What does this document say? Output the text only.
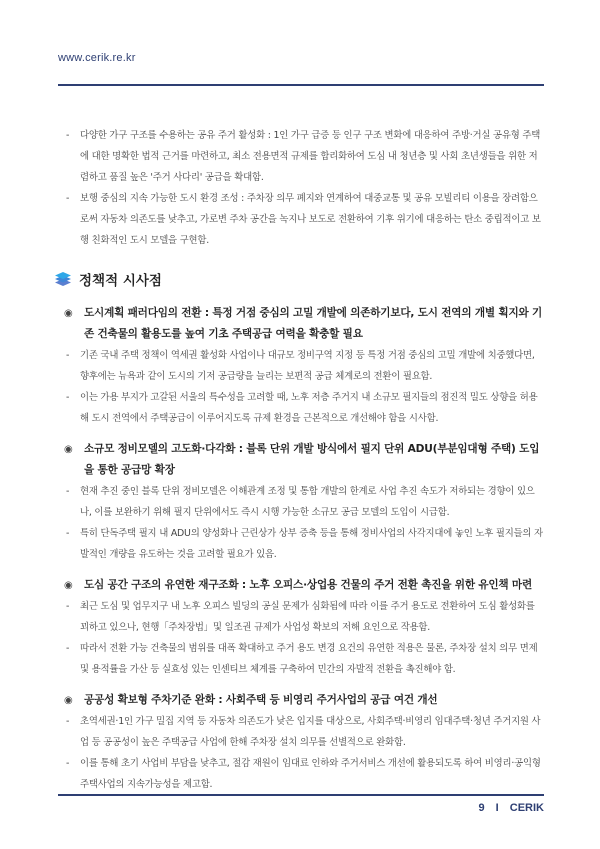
www.cerik.re.kr
- 다양한 가구 구조를 수용하는 공유 주거 활성화 : 1인 가구 급증 등 인구 구조 변화에 대응하여 주방·거실 공유형 주택에 대한 명확한 법적 근거를 마련하고, 최소 전용면적 규제를 합리화하여 도심 내 청년층 및 사회 초년생들을 위한 저렴하고 품질 높은 '주거 사다리' 공급을 확대함.
- 보행 중심의 지속 가능한 도시 환경 조성 : 주차장 의무 폐지와 연계하여 대중교통 및 공유 모빌리티 이용을 장려함으로써 자동차 의존도를 낮추고, 가로변 주차 공간을 녹지나 보도로 전환하여 기후 위기에 대응하는 탄소 중립적이고 보행 친화적인 도시 모델을 구현함.
정책적 시사점
◉ 도시계획 패러다임의 전환 : 특정 거점 중심의 고밀 개발에 의존하기보다, 도시 전역의 개별 획지와 기존 건축물의 활용도를 높여 기초 주택공급 여력을 확충할 필요
- 기존 국내 주택 정책이 역세권 활성화 사업이나 대규모 정비구역 지정 등 특정 거점 중심의 고밀 개발에 치중했다면, 향후에는 뉴욕과 같이 도시의 기저 공급량을 늘리는 보편적 공급 체계로의 전환이 필요함.
- 이는 가용 부지가 고갈된 서울의 특수성을 고려할 때, 노후 저층 주거지 내 소규모 필지들의 점진적 밀도 상향을 허용해 도시 전역에서 주택공급이 이루어지도록 규제 환경을 근본적으로 개선해야 함을 시사함.
◉ 소규모 정비모델의 고도화·다각화 : 블록 단위 개발 방식에서 필지 단위 ADU(부분임대형 주택) 도입을 통한 공급망 확장
- 현재 추진 중인 블록 단위 정비모델은 이해관계 조정 및 통합 개발의 한계로 사업 추진 속도가 저하되는 경향이 있으나, 이를 보완하기 위해 필지 단위에서도 즉시 시행 가능한 소규모 공급 모델의 도입이 시급함.
- 특히 단독주택 필지 내 ADU의 양성화나 근린상가 상부 증축 등을 통해 정비사업의 사각지대에 놓인 노후 필지들의 자발적인 개량을 유도하는 것을 고려할 필요가 있음.
◉ 도심 공간 구조의 유연한 재구조화 : 노후 오피스·상업용 건물의 주거 전환 촉진을 위한 유인책 마련
- 최근 도심 및 업무지구 내 노후 오피스 빌딩의 공실 문제가 심화됨에 따라 이를 주거 용도로 전환하여 도심 활성화를 꾀하고 있으나, 현행「주차장법」및 일조권 규제가 사업성 확보의 저해 요인으로 작용함.
- 따라서 전환 가능 건축물의 범위를 대폭 확대하고 주거 용도 변경 요건의 유연한 적용은 물론, 주차장 설치 의무 면제 및 용적률을 가산 등 실효성 있는 인센티브 체계를 구축하여 민간의 자발적 전환을 촉진해야 함.
◉ 공공성 확보형 주차기준 완화 : 사회주택 등 비영리 주거사업의 공급 여건 개선
- 초역세권·1인 가구 밀집 지역 등 자동차 의존도가 낮은 입지를 대상으로, 사회주택·비영리 임대주택·청년 주거지원 사업 등 공공성이 높은 주택공급 사업에 한해 주차장 설치 의무를 선별적으로 완화함.
- 이를 통해 초기 사업비 부담을 낮추고, 절감 재원이 임대료 인하와 주거서비스 개선에 활용되도록 하여 비영리·공익형 주택사업의 지속가능성을 제고함.
9 I CERIK
